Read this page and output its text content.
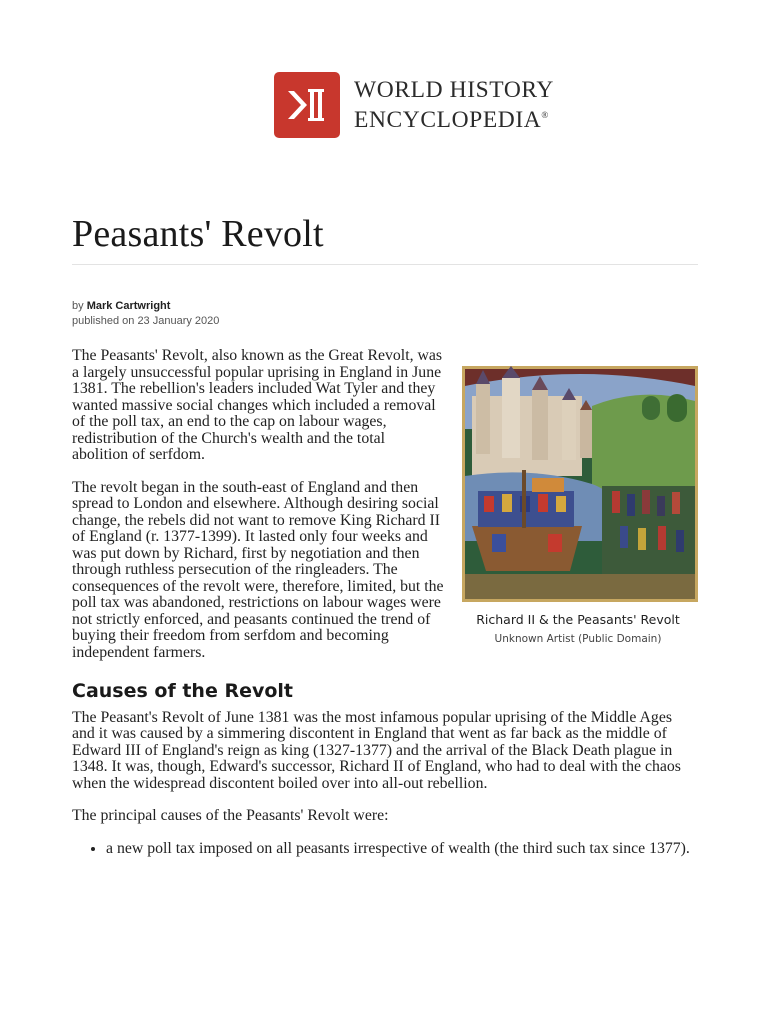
WORLD HISTORY
ENCYCLOPEDIA®
Peasants' Revolt
by Mark Cartwright
published on 23 January 2020
Richard II & the Peasants' Revolt
Unknown Artist (Public Domain)

The Peasants' Revolt, also known as the Great Revolt, was a largely unsuccessful popular uprising in England in June 1381. The rebellion's leaders included Wat Tyler and they wanted massive social changes which included a removal of the poll tax, an end to the cap on labour wages, redistribution of the Church's wealth and the total abolition of serfdom.

The revolt began in the south-east of England and then spread to London and elsewhere. Although desiring social change, the rebels did not want to remove King Richard II of England (r. 1377-1399). It lasted only four weeks and was put down by Richard, first by negotiation and then through ruthless persecution of the ringleaders. The consequences of the revolt were, therefore, limited, but the poll tax was abandoned, restrictions on labour wages were not strictly enforced, and peasants continued the trend of buying their freedom from serfdom and becoming independent farmers.

Causes of the Revolt

The Peasant's Revolt of June 1381 was the most infamous popular uprising of the Middle Ages and it was caused by a simmering discontent in England that went as far back as the middle of Edward III of England's reign as king (1327-1377) and the arrival of the Black Death plague in 1348. It was, though, Edward's successor, Richard II of England, who had to deal with the chaos when the widespread discontent boiled over into all-out rebellion.

The principal causes of the Peasants' Revolt were:

• a new poll tax imposed on all peasants irrespective of wealth (the third such tax since 1377).
